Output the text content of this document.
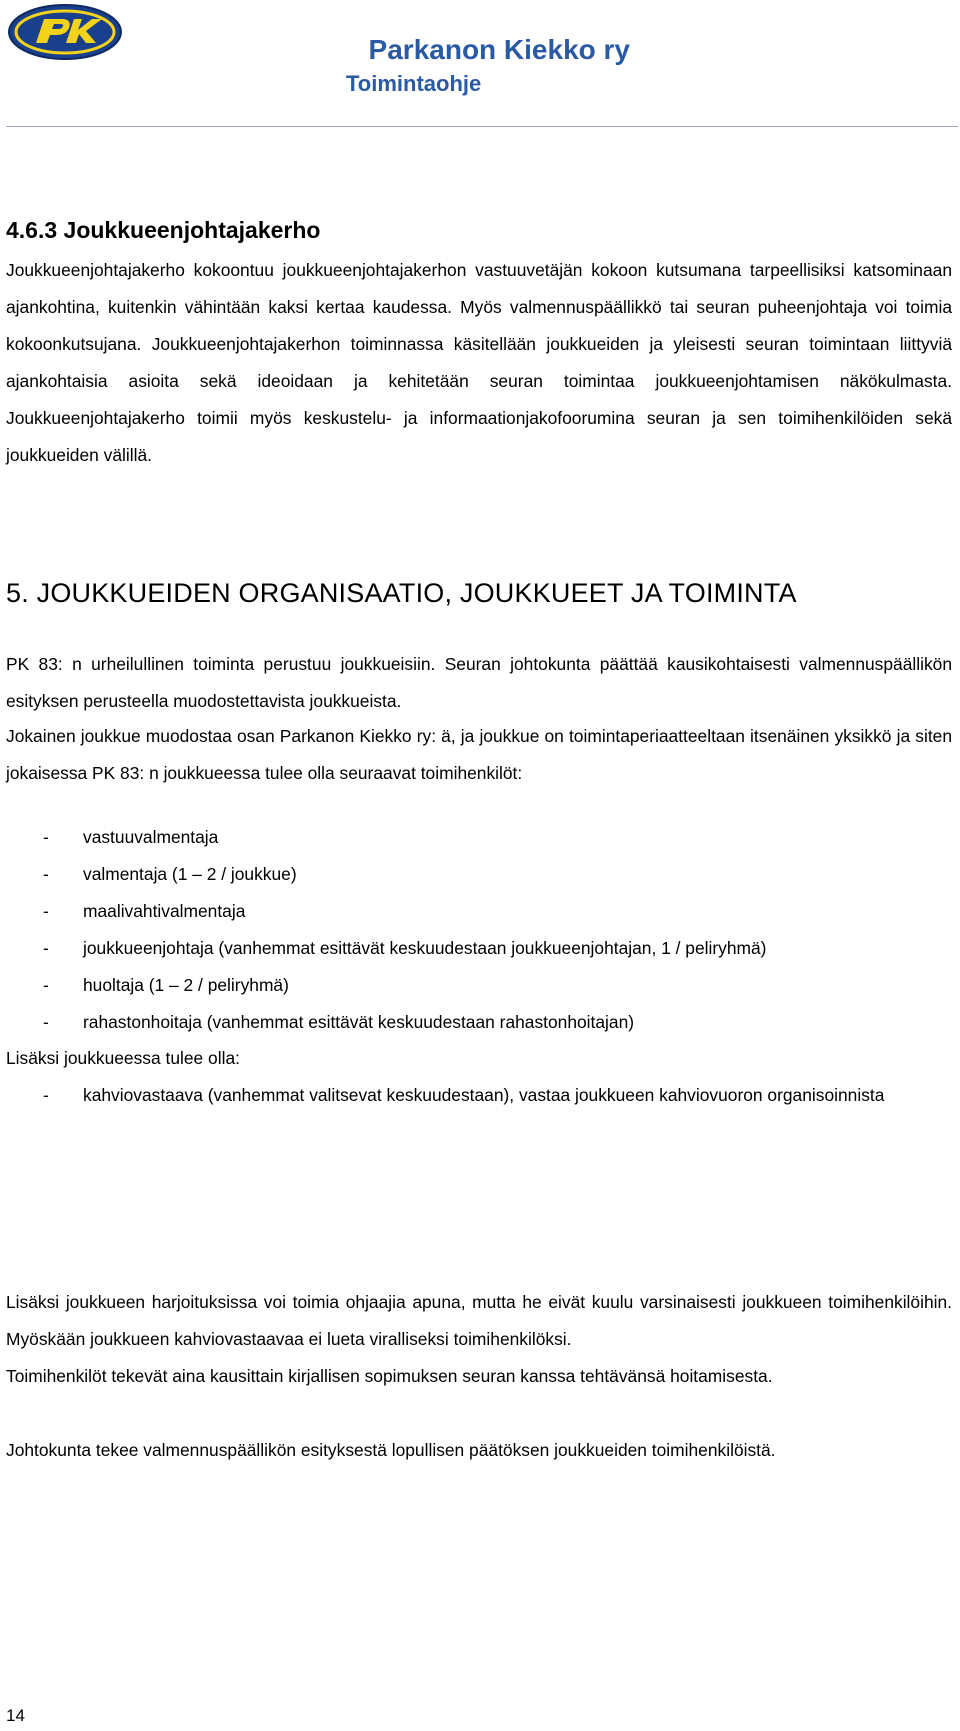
Parkanon Kiekko ry
Toimintaohje
4.6.3 Joukkueenjohtajakerho

Joukkueenjohtajakerho kokoontuu joukkueenjohtajakerhon vastuuvetäjän kokoon kutsumana tarpeellisiksi katsominaan ajankohtina, kuitenkin vähintään kaksi kertaa kaudessa. Myös valmennuspäällikkö tai seuran puheenjohtaja voi toimia kokoonkutsujana. Joukkueenjohtajakerhon toiminnassa käsitellään joukkueiden ja yleisesti seuran toimintaan liittyviä ajankohtaisia asioita sekä ideoidaan ja kehitetään seuran toimintaa joukkueenjohtamisen näkökulmasta. Joukkueenjohtajakerho toimii myös keskustelu- ja informaationjakofoorumina seuran ja sen toimihenkilöiden sekä joukkueiden välillä.

5. JOUKKUEIDEN ORGANISAATIO, JOUKKUEET JA TOIMINTA

PK 83: n urheilullinen toiminta perustuu joukkueisiin. Seuran johtokunta päättää kausikohtaisesti valmennuspäällikön esityksen perusteella muodostettavista joukkueista.

Jokainen joukkue muodostaa osan Parkanon Kiekko ry: ä, ja joukkue on toimintaperiaatteeltaan itsenäinen yksikkö ja siten jokaisessa PK 83: n joukkueessa tulee olla seuraavat toimihenkilöt:

- vastuuvalmentaja
- valmentaja (1 – 2 / joukkue)
- maalivahtivalmentaja
- joukkueenjohtaja (vanhemmat esittävät keskuudestaan joukkueenjohtajan, 1 / peliryhmä)
- huoltaja (1 – 2 / peliryhmä)
- rahastonhoitaja (vanhemmat esittävät keskuudestaan rahastonhoitajan)

Lisäksi joukkueessa tulee olla:

- kahviovastaava (vanhemmat valitsevat keskuudestaan), vastaa joukkueen kahviovuoron organisoinnista

Lisäksi joukkueen harjoituksissa voi toimia ohjaajia apuna, mutta he eivät kuulu varsinaisesti joukkueen toimihenkilöihin. Myöskään joukkueen kahviovastaavaa ei lueta viralliseksi toimihenkilöksi.

Toimihenkilöt tekevät aina kausittain kirjallisen sopimuksen seuran kanssa tehtävänsä hoitamisesta.

Johtokunta tekee valmennuspäällikön esityksestä lopullisen päätöksen joukkueiden toimihenkilöistä.

14
